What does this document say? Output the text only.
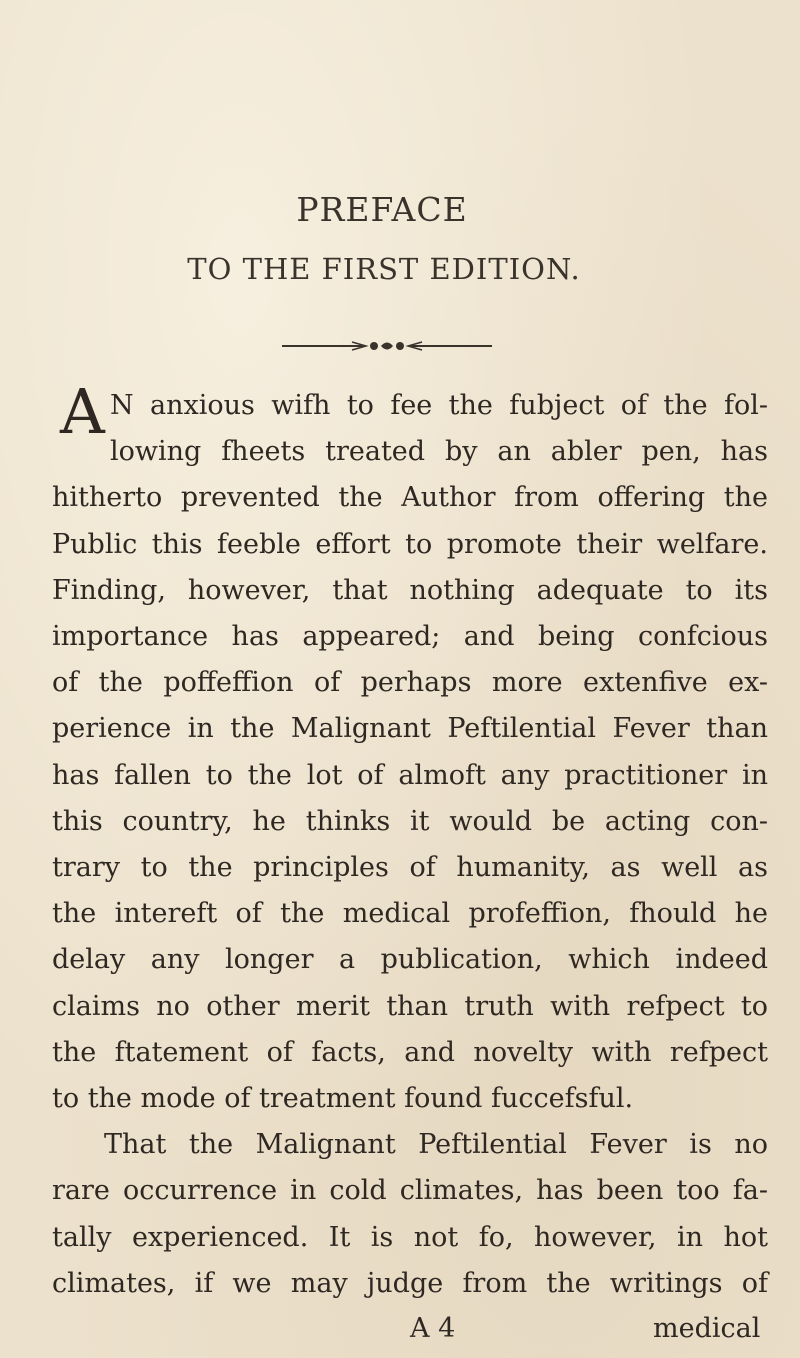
PREFACE
TO THE FIRST EDITION.
A N anxious wifh to fee the fubject of the fol-
lowing fheets treated by an abler pen, has
hitherto prevented the Author from offering the
Public this feeble effort to promote their welfare.
Finding, however, that nothing adequate to its
importance has appeared; and being confcious
of the poffeffion of perhaps more extenfive ex-
perience in the Malignant Peftilential Fever than
has fallen to the lot of almoft any practitioner in
this country, he thinks it would be acting con-
trary to the principles of humanity, as well as
the intereft of the medical profeffion, fhould he
delay any longer a publication, which indeed
claims no other merit than truth with refpect to
the ftatement of facts, and novelty with refpect
to the mode of treatment found fuccefsful.
That the Malignant Peftilential Fever is no
rare occurrence in cold climates, has been too fa-
tally experienced. It is not fo, however, in hot
climates, if we may judge from the writings of
A 4	medical
